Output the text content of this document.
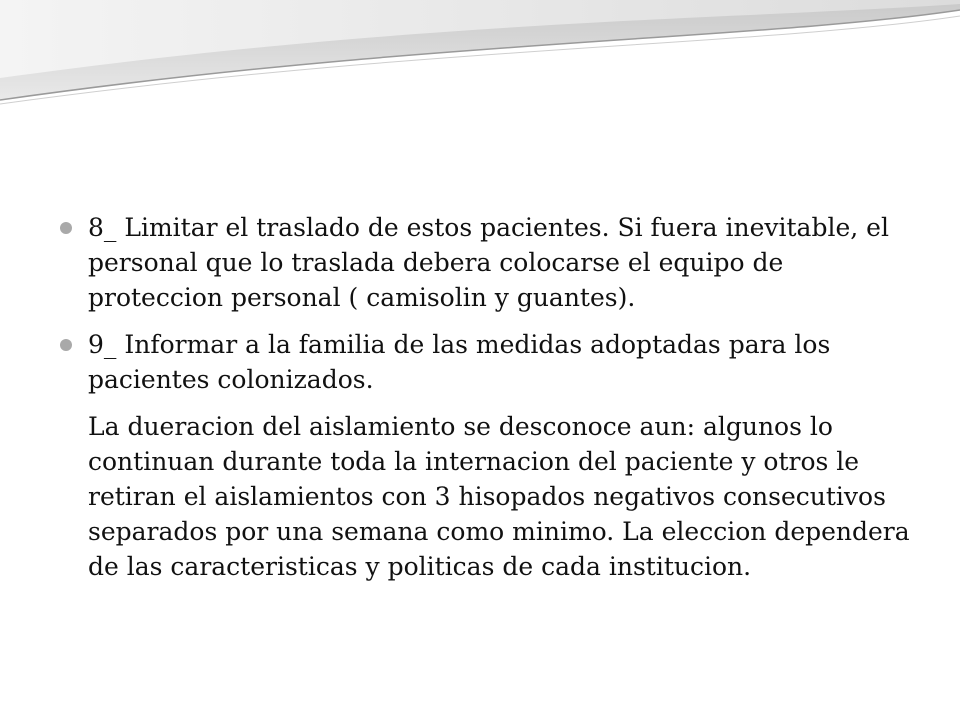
8_ Limitar el traslado de estos pacientes. Si fuera inevitable, el personal que lo traslada debera colocarse el equipo de proteccion personal ( camisolin y guantes).
9_ Informar a la familia de las medidas adoptadas para los pacientes colonizados.

La dueracion del aislamiento se desconoce aun: algunos lo continuan durante toda la internacion del paciente y otros le retiran el aislamientos con 3 hisopados negativos consecutivos separados por una semana como minimo. La eleccion dependera de las caracteristicas y politicas de cada institucion.
